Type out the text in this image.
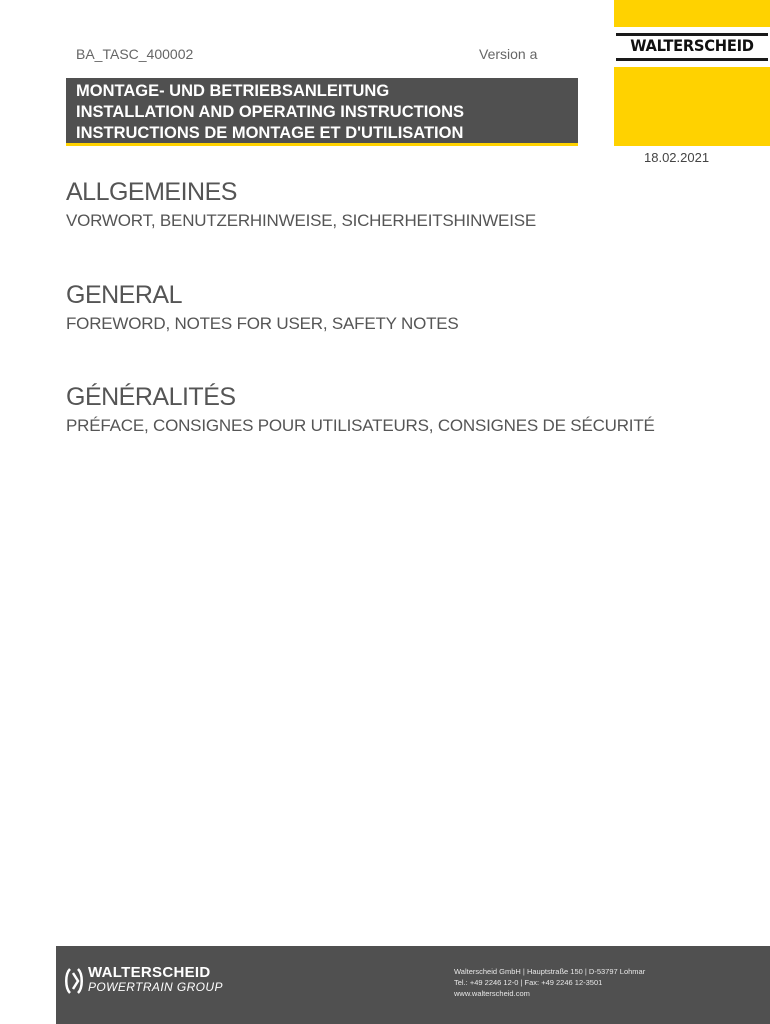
BA_TASC_400002	Version a	WALTERSCHEID
MONTAGE- UND BETRIEBSANLEITUNG
INSTALLATION AND OPERATING INSTRUCTIONS
INSTRUCTIONS DE MONTAGE ET D'UTILISATION
18.02.2021
ALLGEMEINES
VORWORT, BENUTZERHINWEISE, SICHERHEITSHINWEISE
GENERAL
FOREWORD, NOTES FOR USER, SAFETY NOTES
GÉNÉRALITÉS
PRÉFACE, CONSIGNES POUR UTILISATEURS, CONSIGNES DE SÉCURITÉ
WALTERSCHEID
POWERTRAIN GROUP
Walterscheid GmbH | Hauptstraße 150 | D-53797 Lohmar
Tel.: +49 2246 12-0 | Fax: +49 2246 12-3501
www.walterscheid.com
